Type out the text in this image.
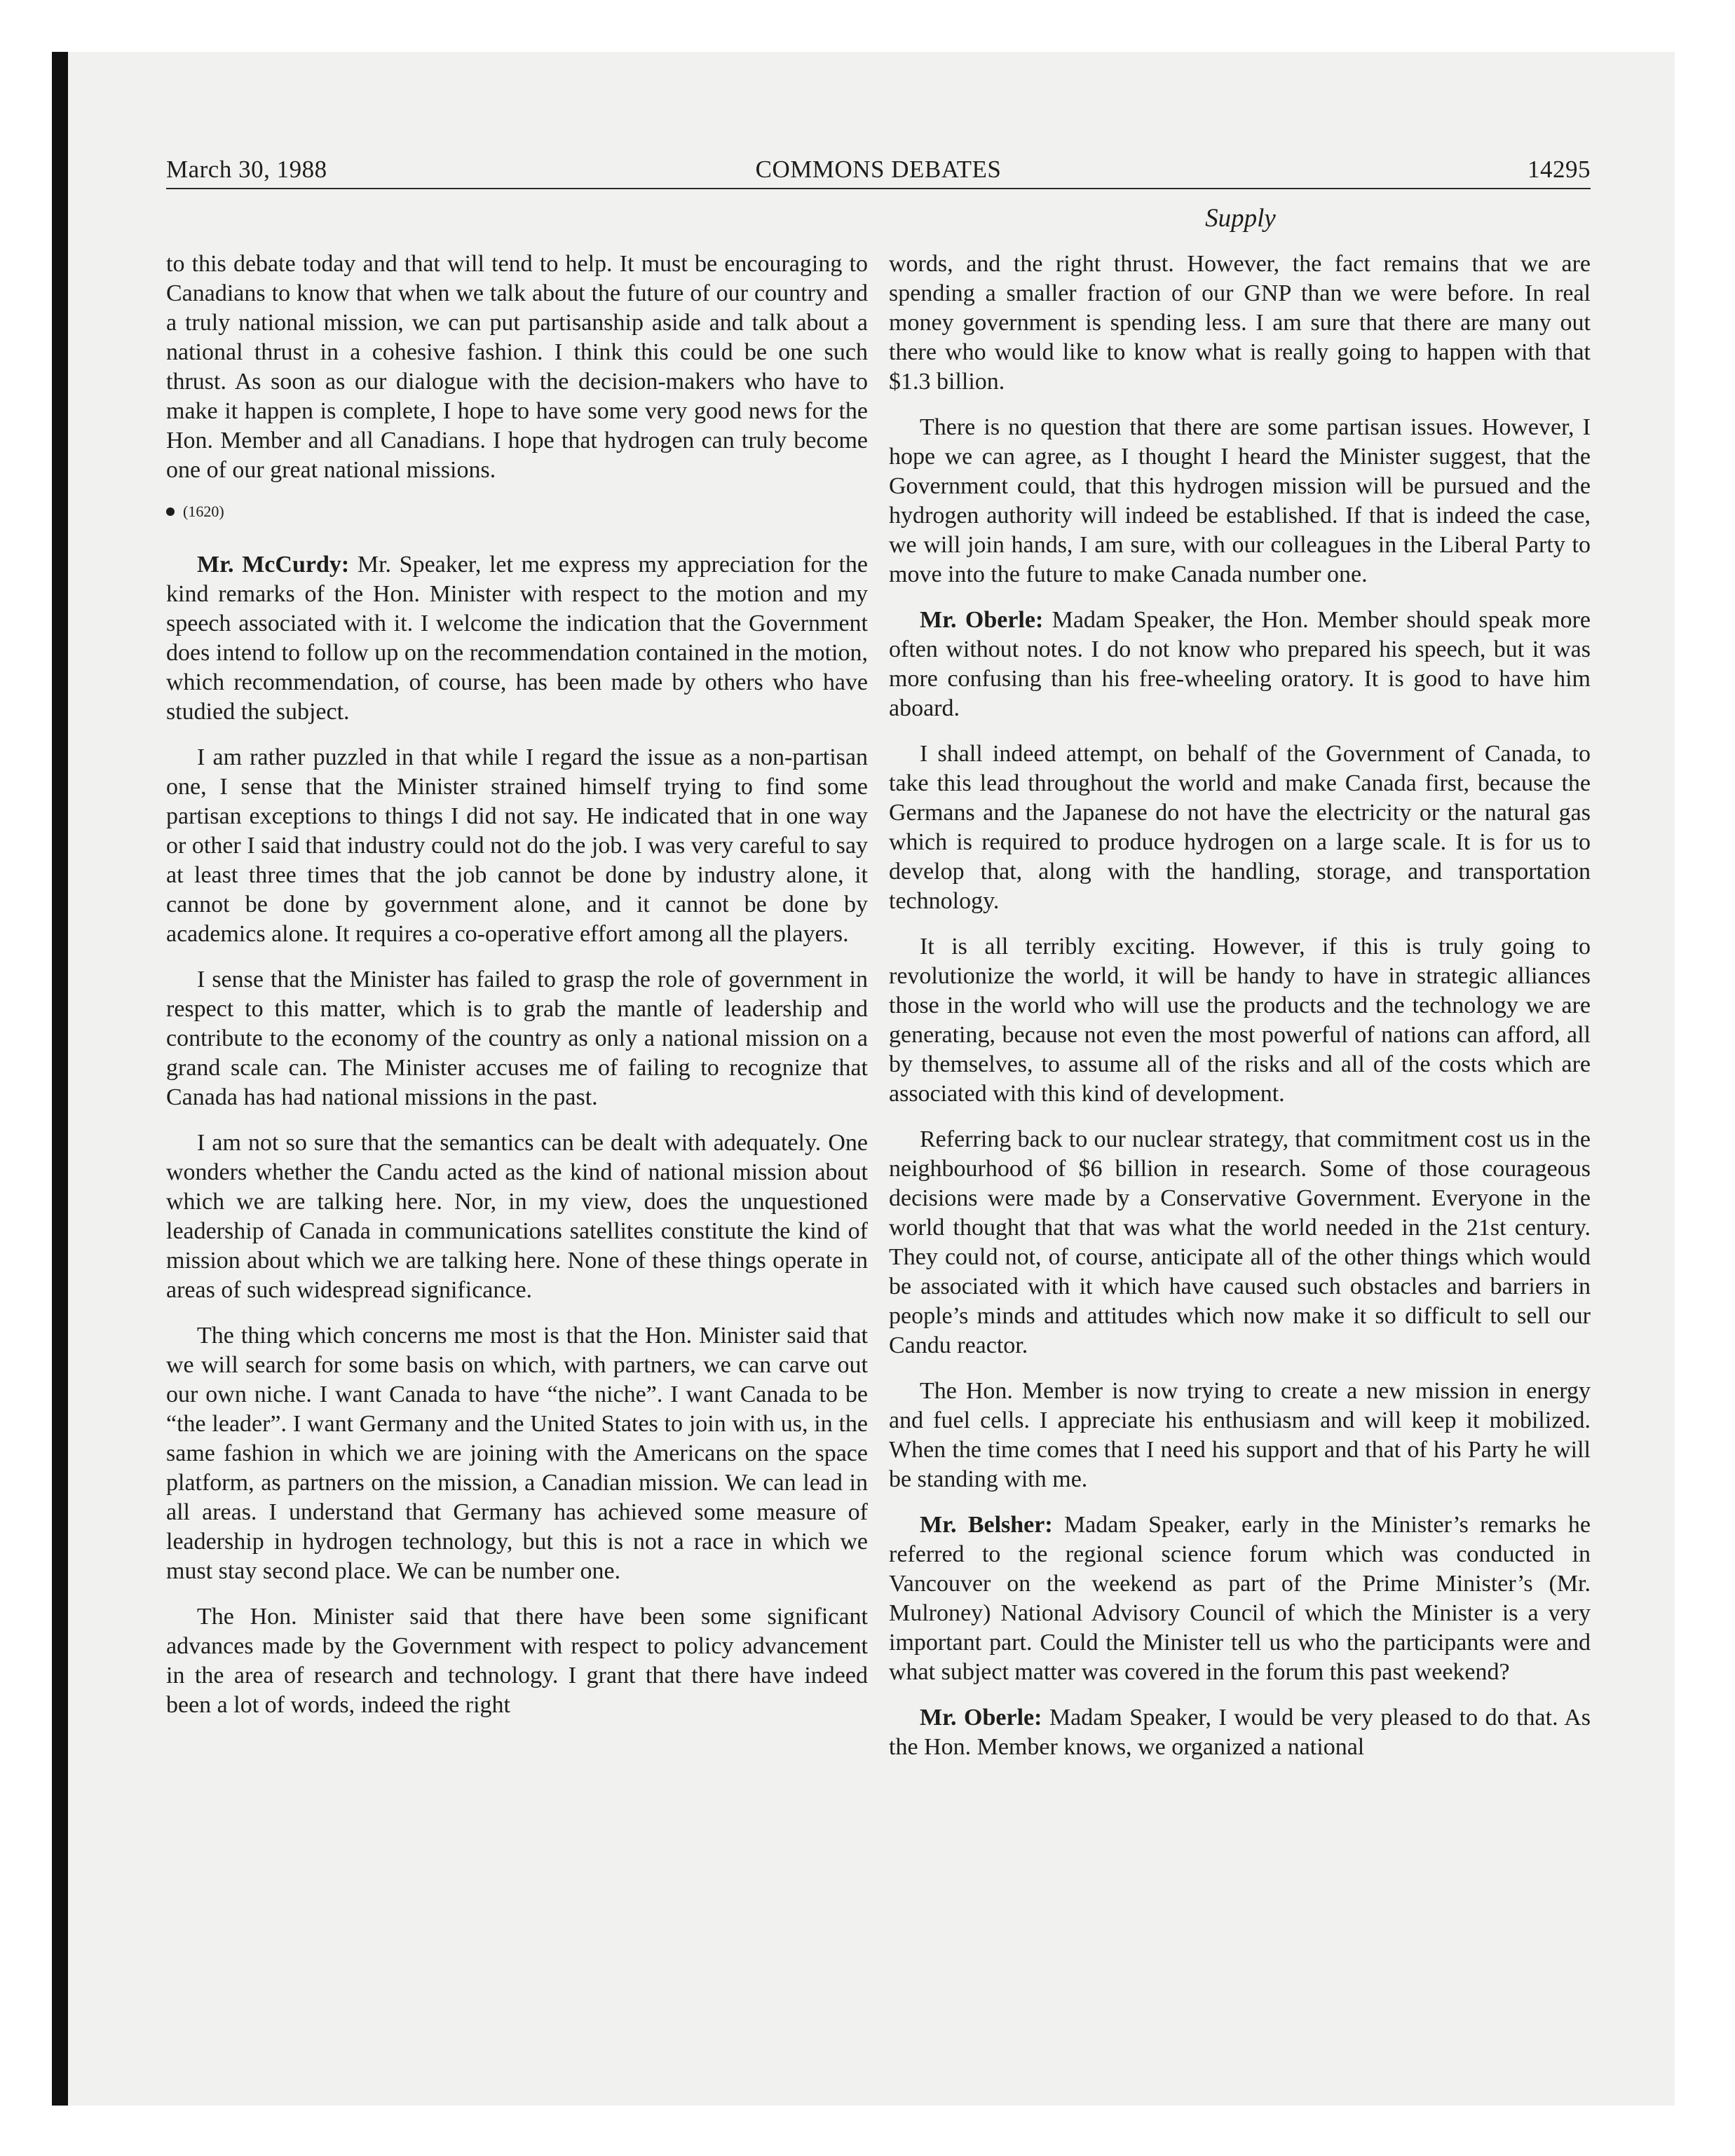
March 30, 1988	COMMONS DEBATES	14295
Supply

to this debate today and that will tend to help. It must be encouraging to Canadians to know that when we talk about the future of our country and a truly national mission, we can put partisanship aside and talk about a national thrust in a cohesive fashion. I think this could be one such thrust. As soon as our dialogue with the decision-makers who have to make it happen is complete, I hope to have some very good news for the Hon. Member and all Canadians. I hope that hydrogen can truly become one of our great national missions.

(1620)

Mr. McCurdy: Mr. Speaker, let me express my appreciation for the kind remarks of the Hon. Minister with respect to the motion and my speech associated with it. I welcome the indication that the Government does intend to follow up on the recommendation contained in the motion, which recommendation, of course, has been made by others who have studied the subject.

I am rather puzzled in that while I regard the issue as a non-partisan one, I sense that the Minister strained himself trying to find some partisan exceptions to things I did not say. He indicated that in one way or other I said that industry could not do the job. I was very careful to say at least three times that the job cannot be done by industry alone, it cannot be done by government alone, and it cannot be done by academics alone. It requires a co-operative effort among all the players.

I sense that the Minister has failed to grasp the role of government in respect to this matter, which is to grab the mantle of leadership and contribute to the economy of the country as only a national mission on a grand scale can. The Minister accuses me of failing to recognize that Canada has had national missions in the past.

I am not so sure that the semantics can be dealt with adequately. One wonders whether the Candu acted as the kind of national mission about which we are talking here. Nor, in my view, does the unquestioned leadership of Canada in communications satellites constitute the kind of mission about which we are talking here. None of these things operate in areas of such widespread significance.

The thing which concerns me most is that the Hon. Minister said that we will search for some basis on which, with partners, we can carve out our own niche. I want Canada to have “the niche”. I want Canada to be “the leader”. I want Germany and the United States to join with us, in the same fashion in which we are joining with the Americans on the space platform, as partners on the mission, a Canadian mission. We can lead in all areas. I understand that Germany has achieved some measure of leadership in hydrogen technology, but this is not a race in which we must stay second place. We can be number one.

The Hon. Minister said that there have been some significant advances made by the Government with respect to policy advancement in the area of research and technology. I grant that there have indeed been a lot of words, indeed the right

words, and the right thrust. However, the fact remains that we are spending a smaller fraction of our GNP than we were before. In real money government is spending less. I am sure that there are many out there who would like to know what is really going to happen with that $1.3 billion.

There is no question that there are some partisan issues. However, I hope we can agree, as I thought I heard the Minister suggest, that the Government could, that this hydrogen mission will be pursued and the hydrogen authority will indeed be established. If that is indeed the case, we will join hands, I am sure, with our colleagues in the Liberal Party to move into the future to make Canada number one.

Mr. Oberle: Madam Speaker, the Hon. Member should speak more often without notes. I do not know who prepared his speech, but it was more confusing than his free-wheeling oratory. It is good to have him aboard.

I shall indeed attempt, on behalf of the Government of Canada, to take this lead throughout the world and make Canada first, because the Germans and the Japanese do not have the electricity or the natural gas which is required to produce hydrogen on a large scale. It is for us to develop that, along with the handling, storage, and transportation technology.

It is all terribly exciting. However, if this is truly going to revolutionize the world, it will be handy to have in strategic alliances those in the world who will use the products and the technology we are generating, because not even the most powerful of nations can afford, all by themselves, to assume all of the risks and all of the costs which are associated with this kind of development.

Referring back to our nuclear strategy, that commitment cost us in the neighbourhood of $6 billion in research. Some of those courageous decisions were made by a Conservative Government. Everyone in the world thought that that was what the world needed in the 21st century. They could not, of course, anticipate all of the other things which would be associated with it which have caused such obstacles and barriers in people’s minds and attitudes which now make it so difficult to sell our Candu reactor.

The Hon. Member is now trying to create a new mission in energy and fuel cells. I appreciate his enthusiasm and will keep it mobilized. When the time comes that I need his support and that of his Party he will be standing with me.

Mr. Belsher: Madam Speaker, early in the Minister’s remarks he referred to the regional science forum which was conducted in Vancouver on the weekend as part of the Prime Minister’s (Mr. Mulroney) National Advisory Council of which the Minister is a very important part. Could the Minister tell us who the participants were and what subject matter was covered in the forum this past weekend?

Mr. Oberle: Madam Speaker, I would be very pleased to do that. As the Hon. Member knows, we organized a national
